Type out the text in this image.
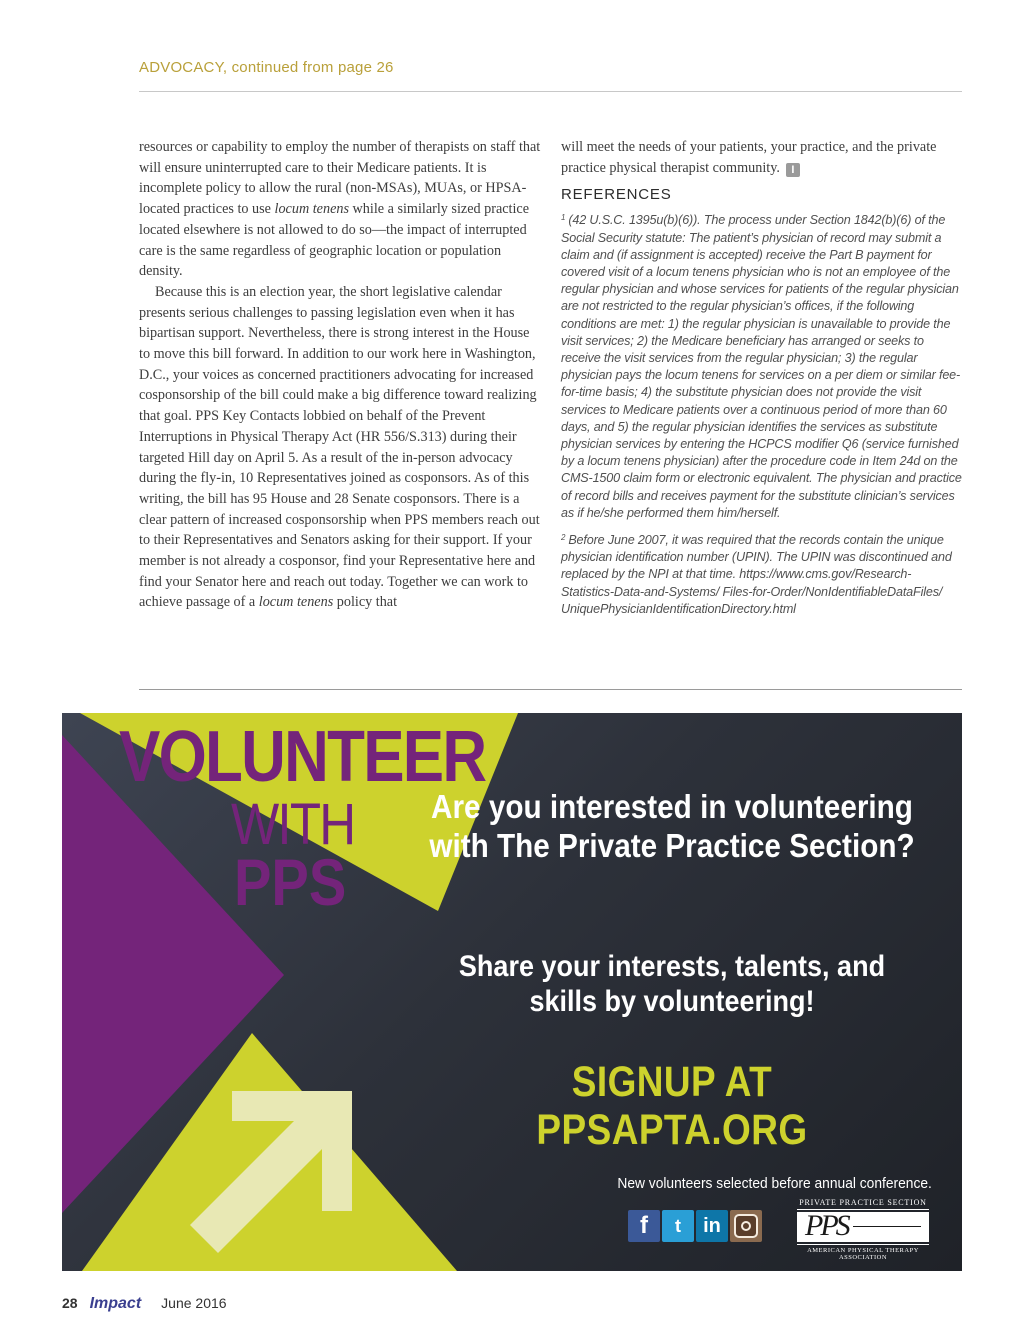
ADVOCACY, continued from page 26

resources or capability to employ the number of therapists on staff that will ensure uninterrupted care to their Medicare patients. It is incomplete policy to allow the rural (non-MSAs), MUAs, or HPSA-located practices to use locum tenens while a similarly sized practice located elsewhere is not allowed to do so—the impact of interrupted care is the same regardless of geographic location or population density.

Because this is an election year, the short legislative calendar presents serious challenges to passing legislation even when it has bipartisan support. Nevertheless, there is strong interest in the House to move this bill forward. In addition to our work here in Washington, D.C., your voices as concerned practitioners advocating for increased cosponsorship of the bill could make a big difference toward realizing that goal. PPS Key Contacts lobbied on behalf of the Prevent Interruptions in Physical Therapy Act (HR 556/S.313) during their targeted Hill day on April 5. As a result of the in-person advocacy during the fly-in, 10 Representatives joined as cosponsors. As of this writing, the bill has 95 House and 28 Senate cosponsors. There is a clear pattern of increased cosponsorship when PPS members reach out to their Representatives and Senators asking for their support. If your member is not already a cosponsor, find your Representative here and find your Senator here and reach out today. Together we can work to achieve passage of a locum tenens policy that

will meet the needs of your patients, your practice, and the private practice physical therapist community. I

REFERENCES

$^1$ (42 U.S.C. 1395u(b)(6)). The process under Section 1842(b)(6) of the Social Security statute: The patient’s physician of record may submit a claim and (if assignment is accepted) receive the Part B payment for covered visit of a locum tenens physician who is not an employee of the regular physician and whose services for patients of the regular physician are not restricted to the regular physician’s offices, if the following conditions are met: 1) the regular physician is unavailable to provide the visit services; 2) the Medicare beneficiary has arranged or seeks to receive the visit services from the regular physician; 3) the regular physician pays the locum tenens for services on a per diem or similar fee-for-time basis; 4) the substitute physician does not provide the visit services to Medicare patients over a continuous period of more than 60 days, and 5) the regular physician identifies the services as substitute physician services by entering the HCPCS modifier Q6 (service furnished by a locum tenens physician) after the procedure code in Item 24d on the CMS-1500 claim form or electronic equivalent. The physician and practice of record bills and receives payment for the substitute clinician’s services as if he/she performed them him/herself.

$^2$ Before June 2007, it was required that the records contain the unique physician identification number (UPIN). The UPIN was discontinued and replaced by the NPI at that time. https://www.cms.gov/Research-Statistics-Data-and-Systems/ Files-for-Order/NonIdentifiableDataFiles/ UniquePhysicianIdentificationDirectory.html

VOLUNTEER
WITH
PPS
Are you interested in volunteering with The Private Practice Section?
Share your interests, talents, and skills by volunteering!
SIGNUP AT PPSAPTA.ORG
New volunteers selected before annual conference.
f	t	in
PRIVATE PRACTICE SECTION
PPS
AMERICAN PHYSICAL THERAPY ASSOCIATION
28 Impact June 2016
